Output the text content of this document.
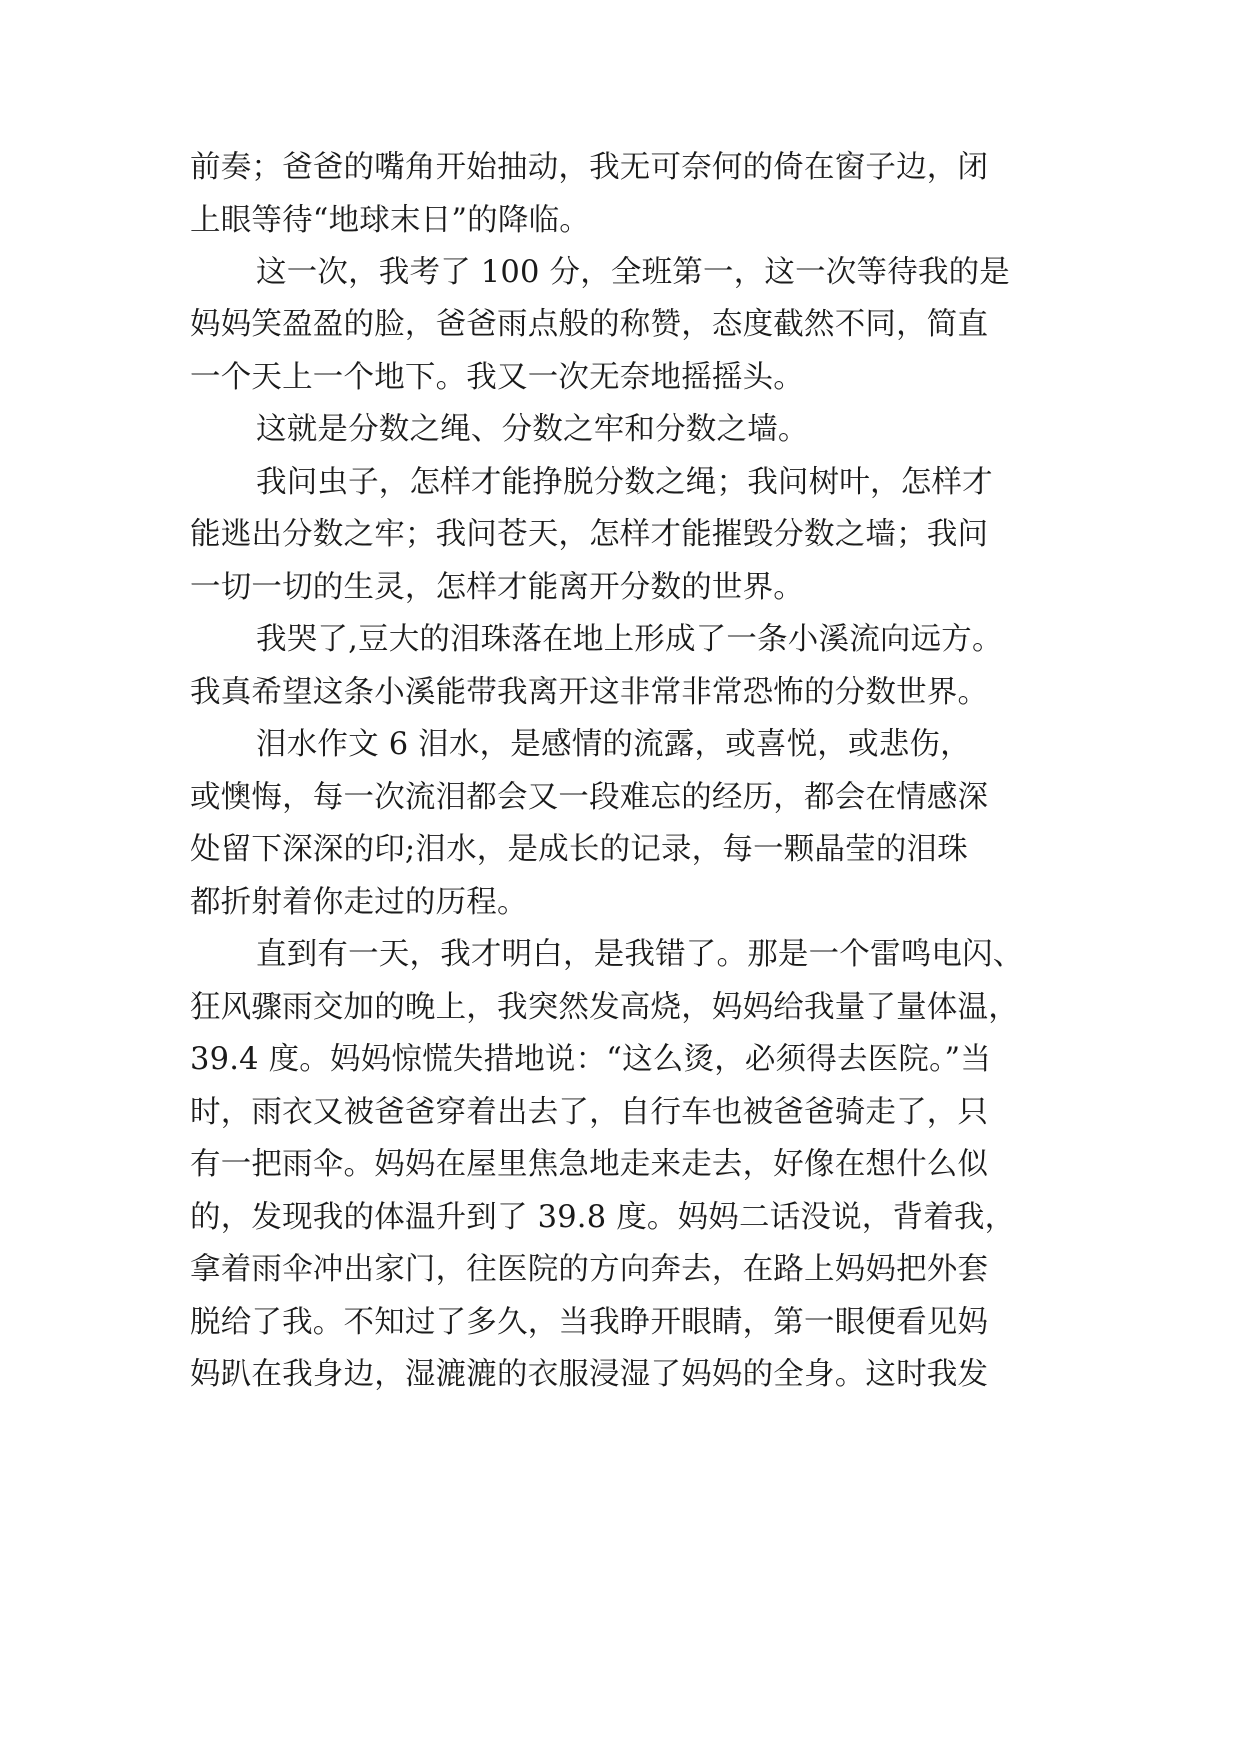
前奏；爸爸的嘴角开始抽动，我无可奈何的倚在窗子边，闭
上眼等待“地球末日”的降临。
这一次，我考了 100 分，全班第一，这一次等待我的是
妈妈笑盈盈的脸，爸爸雨点般的称赞，态度截然不同，简直
一个天上一个地下。我又一次无奈地摇摇头。
这就是分数之绳、分数之牢和分数之墙。
我问虫子，怎样才能挣脱分数之绳；我问树叶，怎样才
能逃出分数之牢；我问苍天，怎样才能摧毁分数之墙；我问
一切一切的生灵，怎样才能离开分数的世界。
我哭了,豆大的泪珠落在地上形成了一条小溪流向远方。
我真希望这条小溪能带我离开这非常非常恐怖的分数世界。
泪水作文 6 泪水，是感情的流露，或喜悦，或悲伤，
或懊悔，每一次流泪都会又一段难忘的经历，都会在情感深
处留下深深的印;泪水，是成长的记录，每一颗晶莹的泪珠
都折射着你走过的历程。
直到有一天，我才明白，是我错了。那是一个雷鸣电闪、
狂风骤雨交加的晚上，我突然发高烧，妈妈给我量了量体温，
39.4 度。妈妈惊慌失措地说：“这么烫，必须得去医院。”当
时，雨衣又被爸爸穿着出去了，自行车也被爸爸骑走了，只
有一把雨伞。妈妈在屋里焦急地走来走去，好像在想什么似
的，发现我的体温升到了 39.8 度。妈妈二话没说，背着我，
拿着雨伞冲出家门，往医院的方向奔去，在路上妈妈把外套
脱给了我。不知过了多久，当我睁开眼睛，第一眼便看见妈
妈趴在我身边，湿漉漉的衣服浸湿了妈妈的全身。这时我发
